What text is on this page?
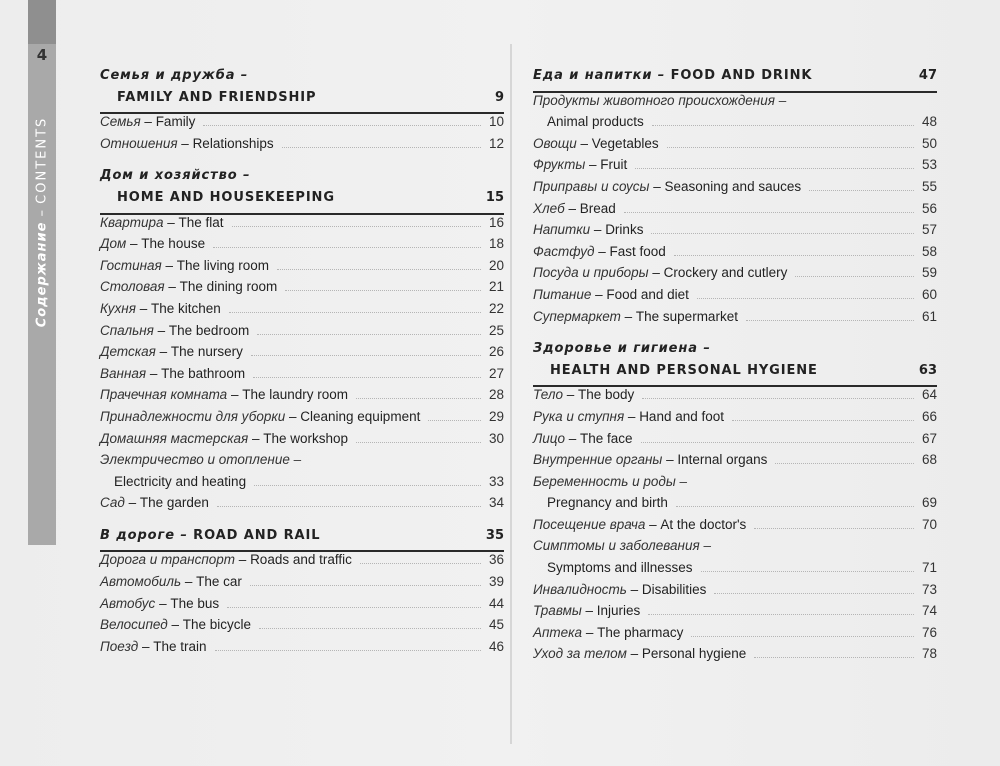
4
Содержание – CONTENTS
Семья и дружба –
FAMILY AND FRIENDSHIP	9
Семья – Family	10
Отношения – Relationships	12
Дом и хозяйство –
HOME AND HOUSEKEEPING	15
Квартира – The flat	16
Дом – The house	18
Гостиная – The living room	20
Столовая – The dining room	21
Кухня – The kitchen	22
Спальня – The bedroom	25
Детская – The nursery	26
Ванная – The bathroom	27
Прачечная комната – The laundry room	28
Принадлежности для уборки – Cleaning equipment	29
Домашняя мастерская – The workshop	30
Электричество и отопление –
Electricity and heating	33
Сад – The garden	34
В дороге – ROAD AND RAIL	35
Дорога и транспорт – Roads and traffic	36
Автомобиль – The car	39
Автобус – The bus	44
Велосипед – The bicycle	45
Поезд – The train	46
Еда и напитки – FOOD AND DRINK	47
Продукты животного происхождения –
Animal products	48
Овощи – Vegetables	50
Фрукты – Fruit	53
Приправы и соусы – Seasoning and sauces	55
Хлеб – Bread	56
Напитки – Drinks	57
Фастфуд – Fast food	58
Посуда и приборы – Crockery and cutlery	59
Питание – Food and diet	60
Супермаркет – The supermarket	61
Здоровье и гигиена –
HEALTH AND PERSONAL HYGIENE	63
Тело – The body	64
Рука и ступня – Hand and foot	66
Лицо – The face	67
Внутренние органы – Internal organs	68
Беременность и роды –
Pregnancy and birth	69
Посещение врача – At the doctor's	70
Симптомы и заболевания –
Symptoms and illnesses	71
Инвалидность – Disabilities	73
Травмы – Injuries	74
Аптека – The pharmacy	76
Уход за телом – Personal hygiene	78
